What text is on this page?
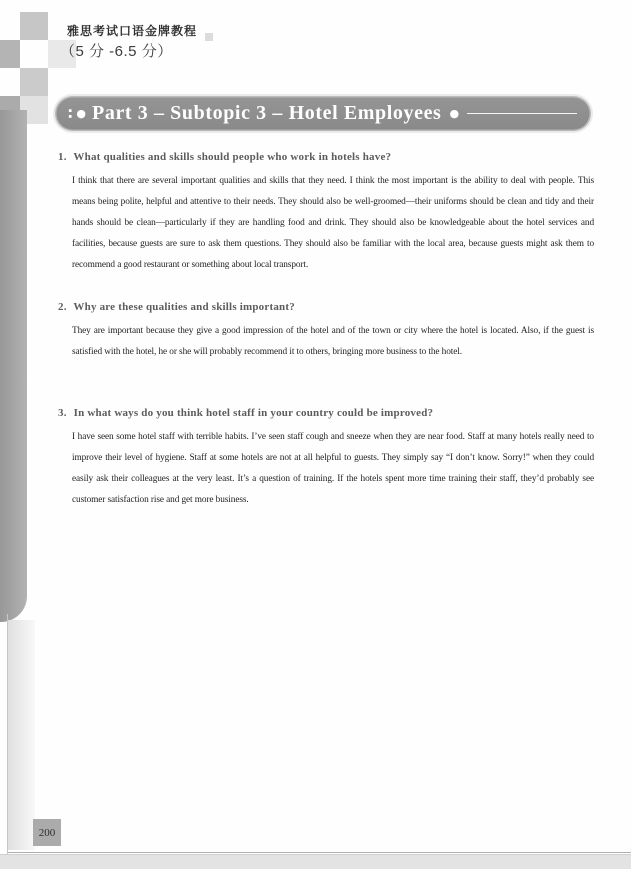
雅思考试口语金牌教程
（5 分 -6.5 分）
∶ ● Part 3 – Subtopic 3 – Hotel Employees ●
1. What qualities and skills should people who work in hotels have?

I think that there are several important qualities and skills that they need. I think the most important is the ability to deal with people. This means being polite, helpful and attentive to their needs. They should also be well-groomed—their uniforms should be clean and tidy and their hands should be clean—particularly if they are handling food and drink. They should also be knowledgeable about the hotel services and facilities, because guests are sure to ask them questions. They should also be familiar with the local area, because guests might ask them to recommend a good restaurant or something about local transport.

2. Why are these qualities and skills important?

They are important because they give a good impression of the hotel and of the town or city where the hotel is located. Also, if the guest is satisfied with the hotel, he or she will probably recommend it to others, bringing more business to the hotel.

3. In what ways do you think hotel staff in your country could be improved?

I have seen some hotel staff with terrible habits. I’ve seen staff cough and sneeze when they are near food. Staff at many hotels really need to improve their level of hygiene. Staff at some hotels are not at all helpful to guests. They simply say “I don’t know. Sorry!” when they could easily ask their colleagues at the very least. It’s a question of training. If the hotels spent more time training their staff, they’d probably see customer satisfaction rise and get more business.

200
